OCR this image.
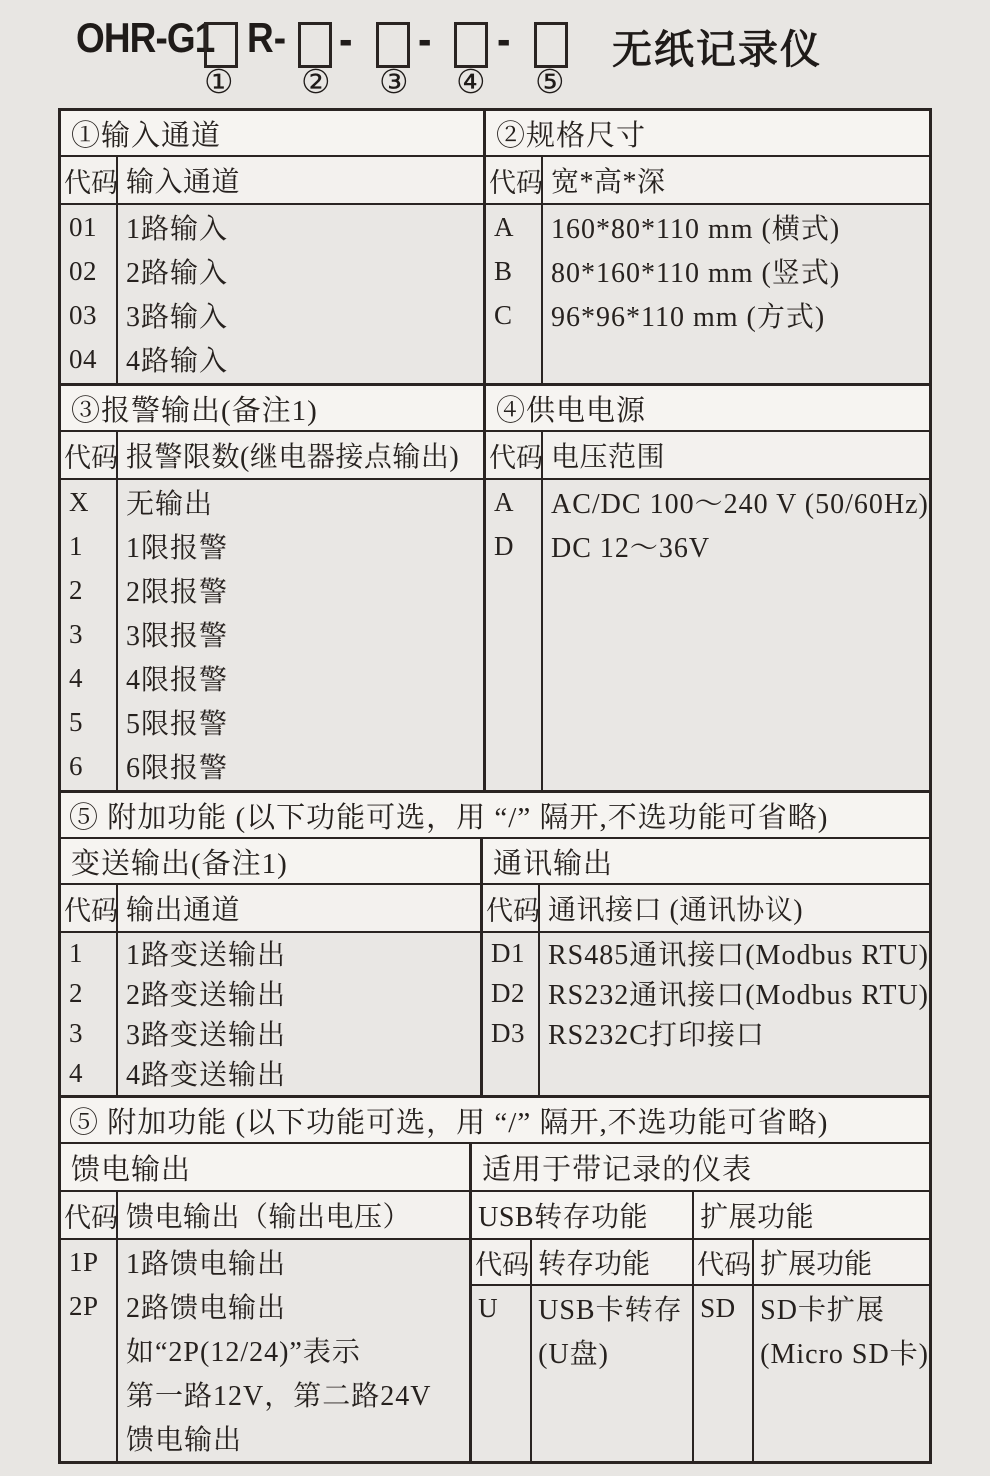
OHR-G1 R- - - -	无纸记录仪
① ② ③ ④ ⑤
①输入通道
代码 输入通道
01
02
03
04
1路输入
2路输入
3路输入
4路输入
②规格尺寸
代码 宽*高*深
A
B
C
160*80*110 mm (横式)
80*160*110 mm (竖式)
96*96*110 mm (方式)
③报警输出(备注1)
代码 报警限数(继电器接点输出)
X
1
2
3
4
5
6
无输出
1限报警
2限报警
3限报警
4限报警
5限报警
6限报警
④供电电源
代码 电压范围
A
D
AC/DC 100～240 V (50/60Hz)
DC 12～36V
⑤ 附加功能 (以下功能可选，用 “/” 隔开,不选功能可省略)
变送输出(备注1)
代码 输出通道
1
2
3
4
1路变送输出
2路变送输出
3路变送输出
4路变送输出
通讯输出
代码 通讯接口 (通讯协议)
D1
D2
D3
RS485通讯接口(Modbus RTU)
RS232通讯接口(Modbus RTU)
RS232C打印接口
⑤ 附加功能 (以下功能可选，用 “/” 隔开,不选功能可省略)
馈电输出
代码 馈电输出（输出电压）
1P
2P
1路馈电输出
2路馈电输出
如“2P(12/24)”表示
第一路12V，第二路24V
馈电输出
适用于带记录的仪表
USB转存功能
代码 转存功能
U	USB卡转存
(U盘)
扩展功能
代码 扩展功能
SD SD卡扩展
(Micro SD卡)
